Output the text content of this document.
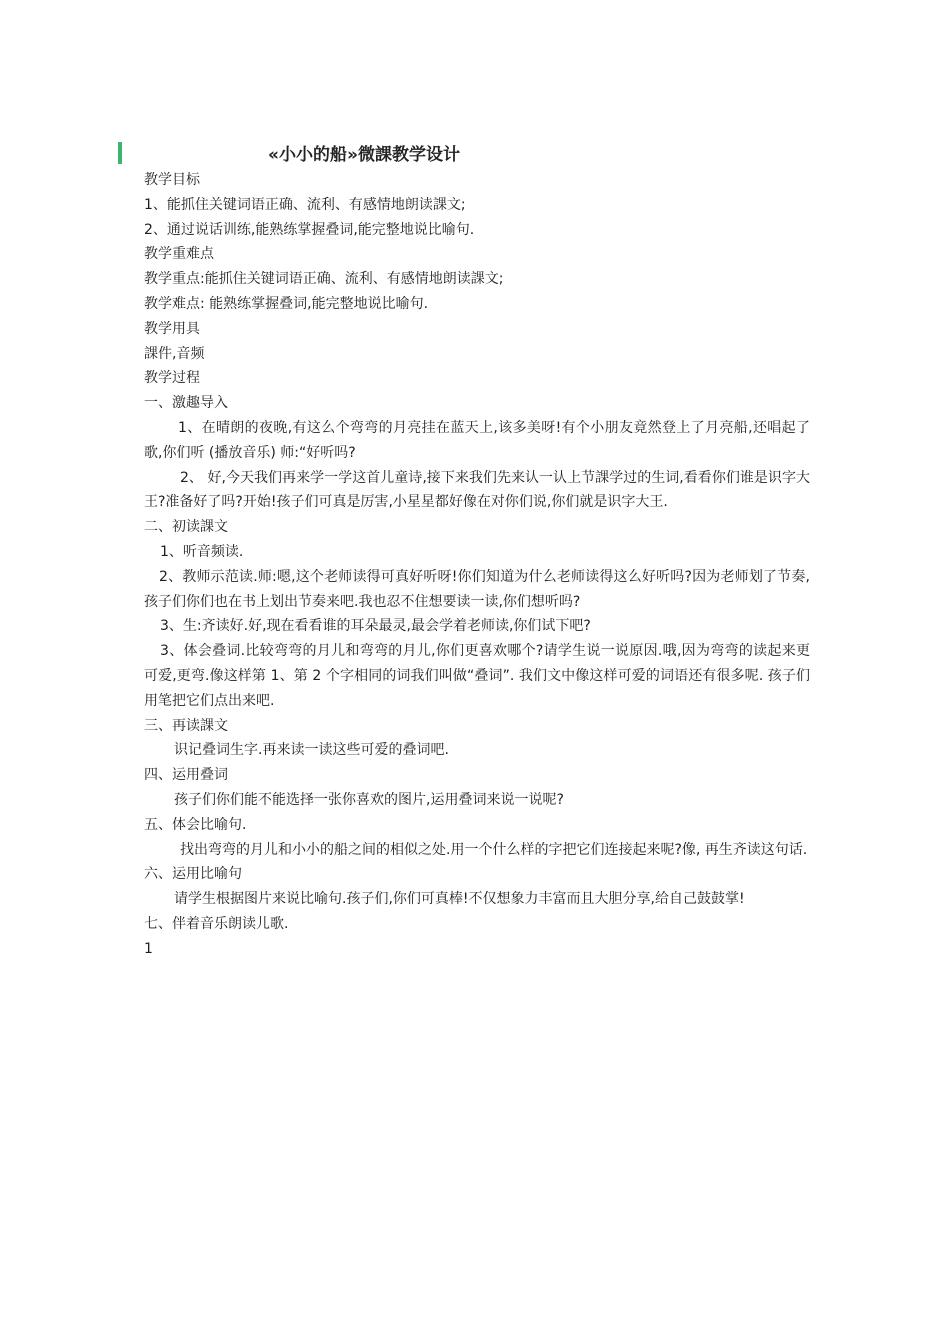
«小小的船»微課教学设计

教学目标

1、能抓住关键词语正确、流利、有感情地朗读課文;

2、通过说话训练,能熟练掌握叠词,能完整地说比喻句.

教学重难点

教学重点:能抓住关键词语正确、流利、有感情地朗读課文;

教学难点: 能熟练掌握叠词,能完整地说比喻句.

教学用具

課件,音频

教学过程

一、激趣导入

1、在晴朗的夜晚,有这么个弯弯的月亮挂在蓝天上,该多美呀!有个小朋友竟然登上了月亮船,还唱起了歌,你们听 (播放音乐) 师:“好听吗?

2、 好,今天我们再来学一学这首儿童诗,接下来我们先来认一认上节課学过的生词,看看你们谁是识字大王?准备好了吗?开始!孩子们可真是厉害,小星星都好像在对你们说,你们就是识字大王.

二、初读課文

1、听音频读.

2、教师示范读.师:嗯,这个老师读得可真好听呀!你们知道为什么老师读得这么好听吗?因为老师划了节奏,孩子们你们也在书上划出节奏来吧.我也忍不住想要读一读,你们想听吗?

3、生:齐读好.好,现在看看谁的耳朵最灵,最会学着老师读,你们试下吧?

3、体会叠词.比较弯弯的月儿和弯弯的月儿,你们更喜欢哪个?请学生说一说原因.哦,因为弯弯的读起来更可爱,更弯.像这样第 1、第 2 个字相同的词我们叫做“叠词”. 我们文中像这样可爱的词语还有很多呢. 孩子们用笔把它们点出来吧.

三、再读課文

识记叠词生字.再来读一读这些可爱的叠词吧.

四、运用叠词

孩子们你们能不能选择一张你喜欢的图片,运用叠词来说一说呢?

五、体会比喻句.

找出弯弯的月儿和小小的船之间的相似之处.用一个什么样的字把它们连接起来呢?像, 再生齐读这句话.

六、运用比喻句

请学生根据图片来说比喻句.孩子们,你们可真棒!不仅想象力丰富而且大胆分享,给自己鼓鼓掌!

七、伴着音乐朗读儿歌.

1
